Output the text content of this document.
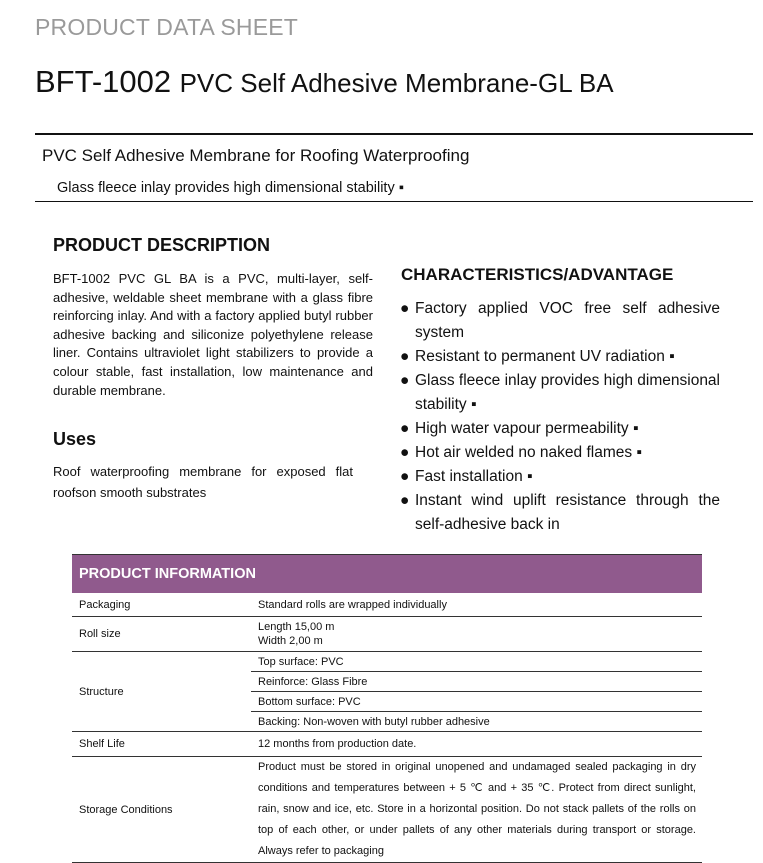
PRODUCT DATA SHEET
BFT-1002 PVC Self Adhesive Membrane-GL BA
PVC Self Adhesive Membrane for Roofing Waterproofing
Glass fleece inlay provides high dimensional stability ▪
PRODUCT DESCRIPTION
BFT-1002 PVC GL BA is a PVC, multi-layer, self-adhesive, weldable sheet membrane with a glass fibre reinforcing inlay. And with a factory applied butyl rubber adhesive backing and siliconize polyethylene release liner. Contains ultraviolet light stabilizers to provide a colour stable, fast installation, low maintenance and durable membrane.
Uses
Roof waterproofing membrane for exposed flat roofson smooth substrates
CHARACTERISTICS/ADVANTAGE
● Factory applied VOC free self adhesive system
● Resistant to permanent UV radiation ▪
● Glass fleece inlay provides high dimensional stability ▪
● High water vapour permeability ▪
● Hot air welded no naked flames ▪
● Fast installation ▪
● Instant wind uplift resistance through the self-adhesive back in
PRODUCT INFORMATION	
Packaging	Standard rolls are wrapped individually
Roll size	Length 15,00 m
Width 2,00 m

Structure	Top surface: PVC
	Reinforce: Glass Fibre
	Bottom surface: PVC
	Backing: Non-woven with butyl rubber adhesive
Shelf Life	12 months from production date.
Storage Conditions	Product must be stored in original unopened and undamaged sealed packaging in dry conditions and temperatures between + 5 ℃ and + 35 ℃. Protect from direct sunlight, rain, snow and ice, etc. Store in a horizontal position. Do not stack pallets of the rolls on top of each other, or under pallets of any other materials during transport or storage. Always refer to packaging
